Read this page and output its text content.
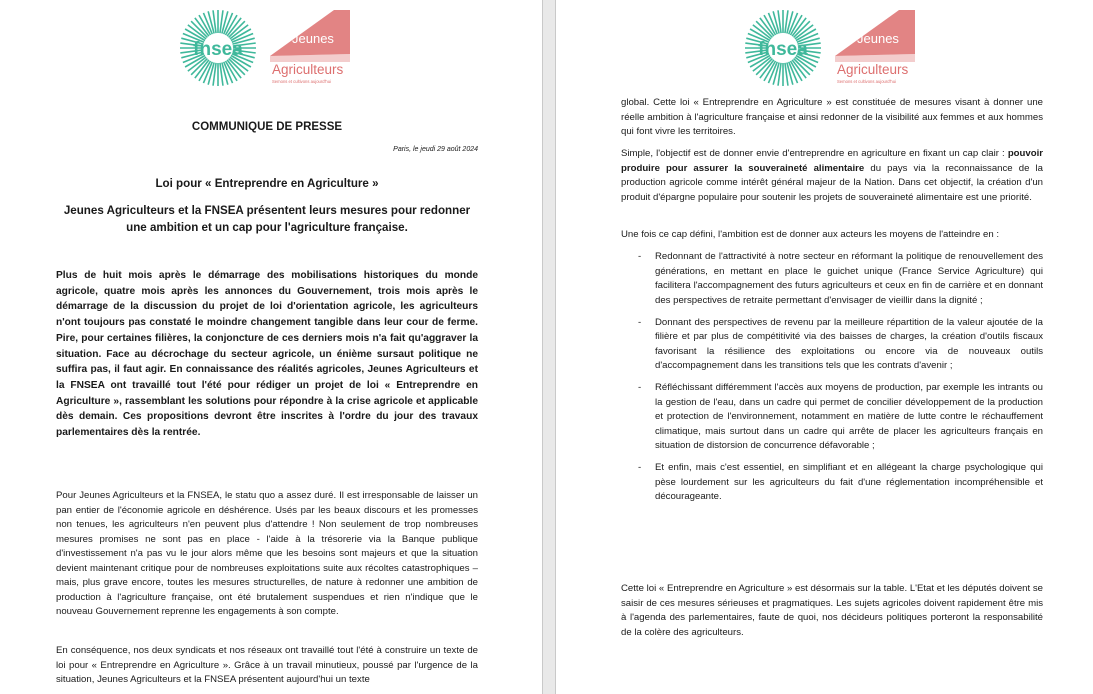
fnsea
Jeunes
Agriculteurs
Semons et cultivons aujourd'hui
COMMUNIQUE DE PRESSE
Paris, le jeudi 29 août 2024
Loi pour « Entreprendre en Agriculture »
Jeunes Agriculteurs et la FNSEA présentent leurs mesures pour redonner une ambition et un cap pour l'agriculture française.

Plus de huit mois après le démarrage des mobilisations historiques du monde agricole, quatre mois après les annonces du Gouvernement, trois mois après le démarrage de la discussion du projet de loi d'orientation agricole, les agriculteurs n'ont toujours pas constaté le moindre changement tangible dans leur cour de ferme. Pire, pour certaines filières, la conjoncture de ces derniers mois n'a fait qu'aggraver la situation. Face au décrochage du secteur agricole, un énième sursaut politique ne suffira pas, il faut agir. En connaissance des réalités agricoles, Jeunes Agriculteurs et la FNSEA ont travaillé tout l'été pour rédiger un projet de loi « Entreprendre en Agriculture », rassemblant les solutions pour répondre à la crise agricole et applicable dès demain. Ces propositions devront être inscrites à l'ordre du jour des travaux parlementaires dès la rentrée.

Pour Jeunes Agriculteurs et la FNSEA, le statu quo a assez duré. Il est irresponsable de laisser un pan entier de l'économie agricole en déshérence. Usés par les beaux discours et les promesses non tenues, les agriculteurs n'en peuvent plus d'attendre ! Non seulement de trop nombreuses mesures promises ne sont pas en place - l'aide à la trésorerie via la Banque publique d'investissement n'a pas vu le jour alors même que les besoins sont majeurs et que la situation devient maintenant critique pour de nombreuses exploitations suite aux récoltes catastrophiques – mais, plus grave encore, toutes les mesures structurelles, de nature à redonner une ambition de production à l'agriculture française, ont été brutalement suspendues et rien n'indique que le nouveau Gouvernement reprenne les engagements à son compte.

En conséquence, nos deux syndicats et nos réseaux ont travaillé tout l'été à construire un texte de loi pour « Entreprendre en Agriculture ». Grâce à un travail minutieux, poussé par l'urgence de la situation, Jeunes Agriculteurs et la FNSEA présentent aujourd'hui un texte

fnsea
Jeunes
Agriculteurs
Semons et cultivons aujourd'hui

global. Cette loi « Entreprendre en Agriculture » est constituée de mesures visant à donner une réelle ambition à l'agriculture française et ainsi redonner de la visibilité aux femmes et aux hommes qui font vivre les territoires.

Simple, l'objectif est de donner envie d'entreprendre en agriculture en fixant un cap clair : pouvoir produire pour assurer la souveraineté alimentaire du pays via la reconnaissance de la production agricole comme intérêt général majeur de la Nation. Dans cet objectif, la création d'un produit d'épargne populaire pour soutenir les projets de souveraineté alimentaire est une priorité.

Une fois ce cap défini, l'ambition est de donner aux acteurs les moyens de l'atteindre en :

- Redonnant de l'attractivité à notre secteur en réformant la politique de renouvellement des générations, en mettant en place le guichet unique (France Service Agriculture) qui facilitera l'accompagnement des futurs agriculteurs et ceux en fin de carrière et en donnant des perspectives de retraite permettant d'envisager de vieillir dans la dignité ;
- Donnant des perspectives de revenu par la meilleure répartition de la valeur ajoutée de la filière et par plus de compétitivité via des baisses de charges, la création d'outils fiscaux favorisant la résilience des exploitations ou encore via de nouveaux outils d'accompagnement dans les transitions tels que les contrats d'avenir ;
- Réfléchissant différemment l'accès aux moyens de production, par exemple les intrants ou la gestion de l'eau, dans un cadre qui permet de concilier développement de la production et protection de l'environnement, notamment en matière de lutte contre le réchauffement climatique, mais surtout dans un cadre qui arrête de placer les agriculteurs français en situation de distorsion de concurrence défavorable ;
- Et enfin, mais c'est essentiel, en simplifiant et en allégeant la charge psychologique qui pèse lourdement sur les agriculteurs du fait d'une réglementation incompréhensible et décourageante.

Cette loi « Entreprendre en Agriculture » est désormais sur la table. L'Etat et les députés doivent se saisir de ces mesures sérieuses et pragmatiques. Les sujets agricoles doivent rapidement être mis à l'agenda des parlementaires, faute de quoi, nos décideurs politiques porteront la responsabilité de la colère des agriculteurs.
